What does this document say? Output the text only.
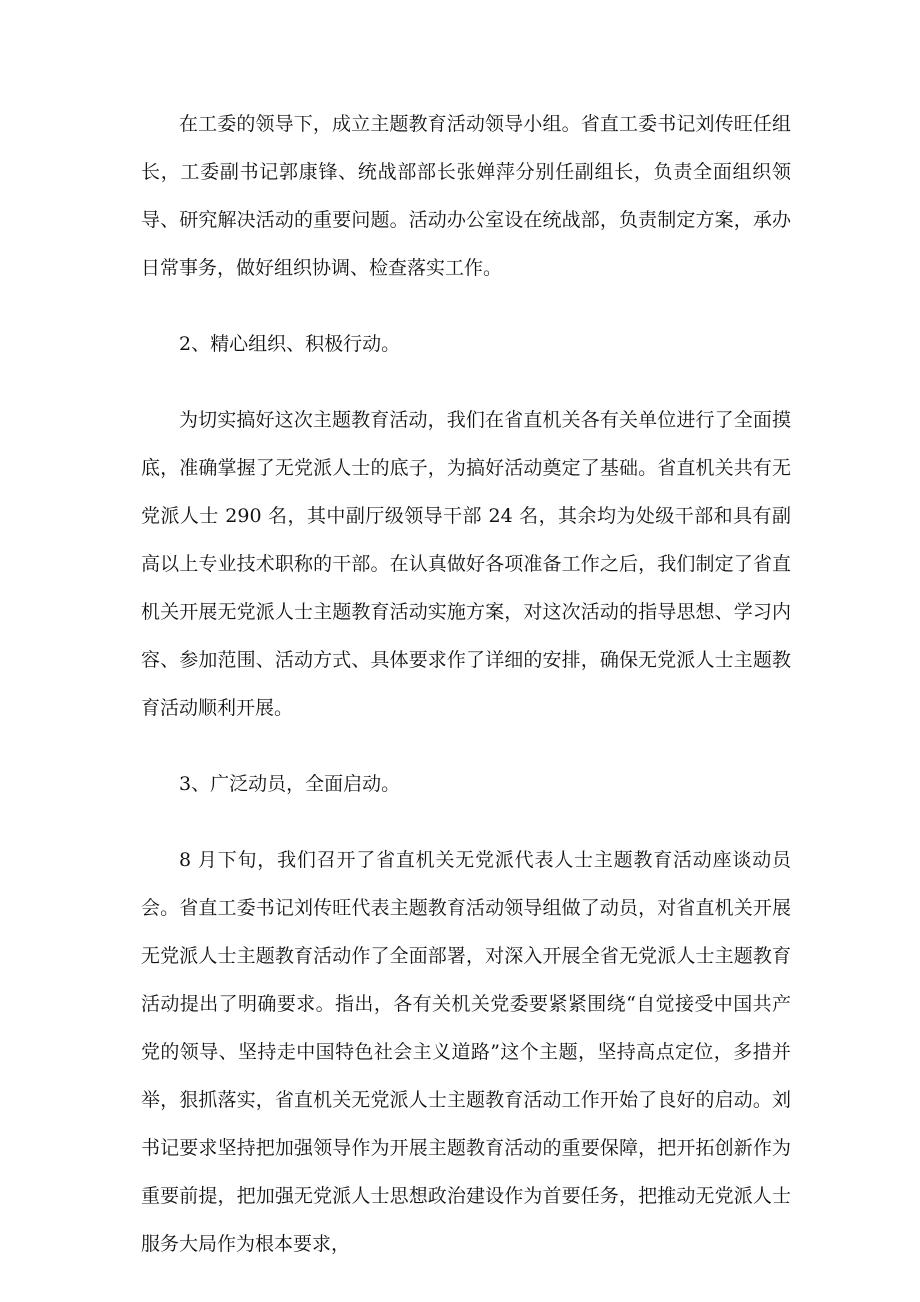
在工委的领导下，成立主题教育活动领导小组。省直工委书记刘传旺任组长，工委副书记郭康锋、统战部部长张婵萍分别任副组长，负责全面组织领导、研究解决活动的重要问题。活动办公室设在统战部，负责制定方案，承办日常事务，做好组织协调、检查落实工作。

2、精心组织、积极行动。

为切实搞好这次主题教育活动，我们在省直机关各有关单位进行了全面摸底，准确掌握了无党派人士的底子，为搞好活动奠定了基础。省直机关共有无党派人士 290 名，其中副厅级领导干部 24 名，其余均为处级干部和具有副高以上专业技术职称的干部。在认真做好各项准备工作之后，我们制定了省直机关开展无党派人士主题教育活动实施方案，对这次活动的指导思想、学习内容、参加范围、活动方式、具体要求作了详细的安排，确保无党派人士主题教育活动顺利开展。

3、广泛动员，全面启动。

8 月下旬，我们召开了省直机关无党派代表人士主题教育活动座谈动员会。省直工委书记刘传旺代表主题教育活动领导组做了动员，对省直机关开展无党派人士主题教育活动作了全面部署，对深入开展全省无党派人士主题教育活动提出了明确要求。指出，各有关机关党委要紧紧围绕“自觉接受中国共产党的领导、坚持走中国特色社会主义道路”这个主题，坚持高点定位，多措并举，狠抓落实，省直机关无党派人士主题教育活动工作开始了良好的启动。刘书记要求坚持把加强领导作为开展主题教育活动的重要保障，把开拓创新作为重要前提，把加强无党派人士思想政治建设作为首要任务，把推动无党派人士服务大局作为根本要求，
